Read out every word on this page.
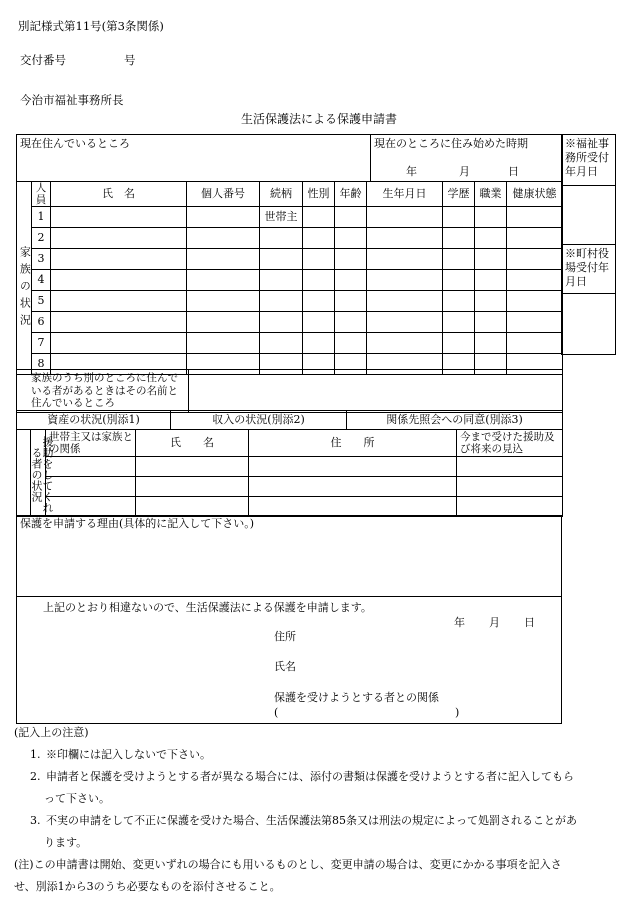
別記様式第11号(第3条関係)
交付番号	号
今治市福祉事務所長
生活保護法による保護申請書
現在住んでいるところ	現在のところに住み始めた時期
年	月	日
※福祉事務所受付年月日

※町村役場受付年月日

家族の状況	人員	氏　名	個人番号	続柄	性別	年齢	生年月日	学歴	職業	健康状態
	1			世帯主						
	2									
	3									
	4									
	5									
	6									
	7									
	8									
家族のうち別のところに住んでいる者があるときはその名前と住んでいるところ	
資産の状況(別添1)	収入の状況(別添2)	関係先照会への同意(別添3)
援助をしてくれる者の状況	世帯主又は家族との関係	氏　　名	住　　所	今まで受けた援助及び将来の見込

保護を申請する理由(具体的に記入して下さい。)

上記のとおり相違ないので、生活保護法による保護を申請します。
年 月 日
住所
氏名
保護を受けようとする者との関係
(	)
(記入上の注意)
1. ※印欄には記入しないで下さい。
2. 申請者と保護を受けようとする者が異なる場合には、添付の書類は保護を受けようとする者に記入してもらって下さい。
3. 不実の申請をして不正に保護を受けた場合、生活保護法第85条又は刑法の規定によって処罰されることがあります。
(注)この申請書は開始、変更いずれの場合にも用いるものとし、変更申請の場合は、変更にかかる事項を記入させ、別添1から3のうち必要なものを添付させること。
